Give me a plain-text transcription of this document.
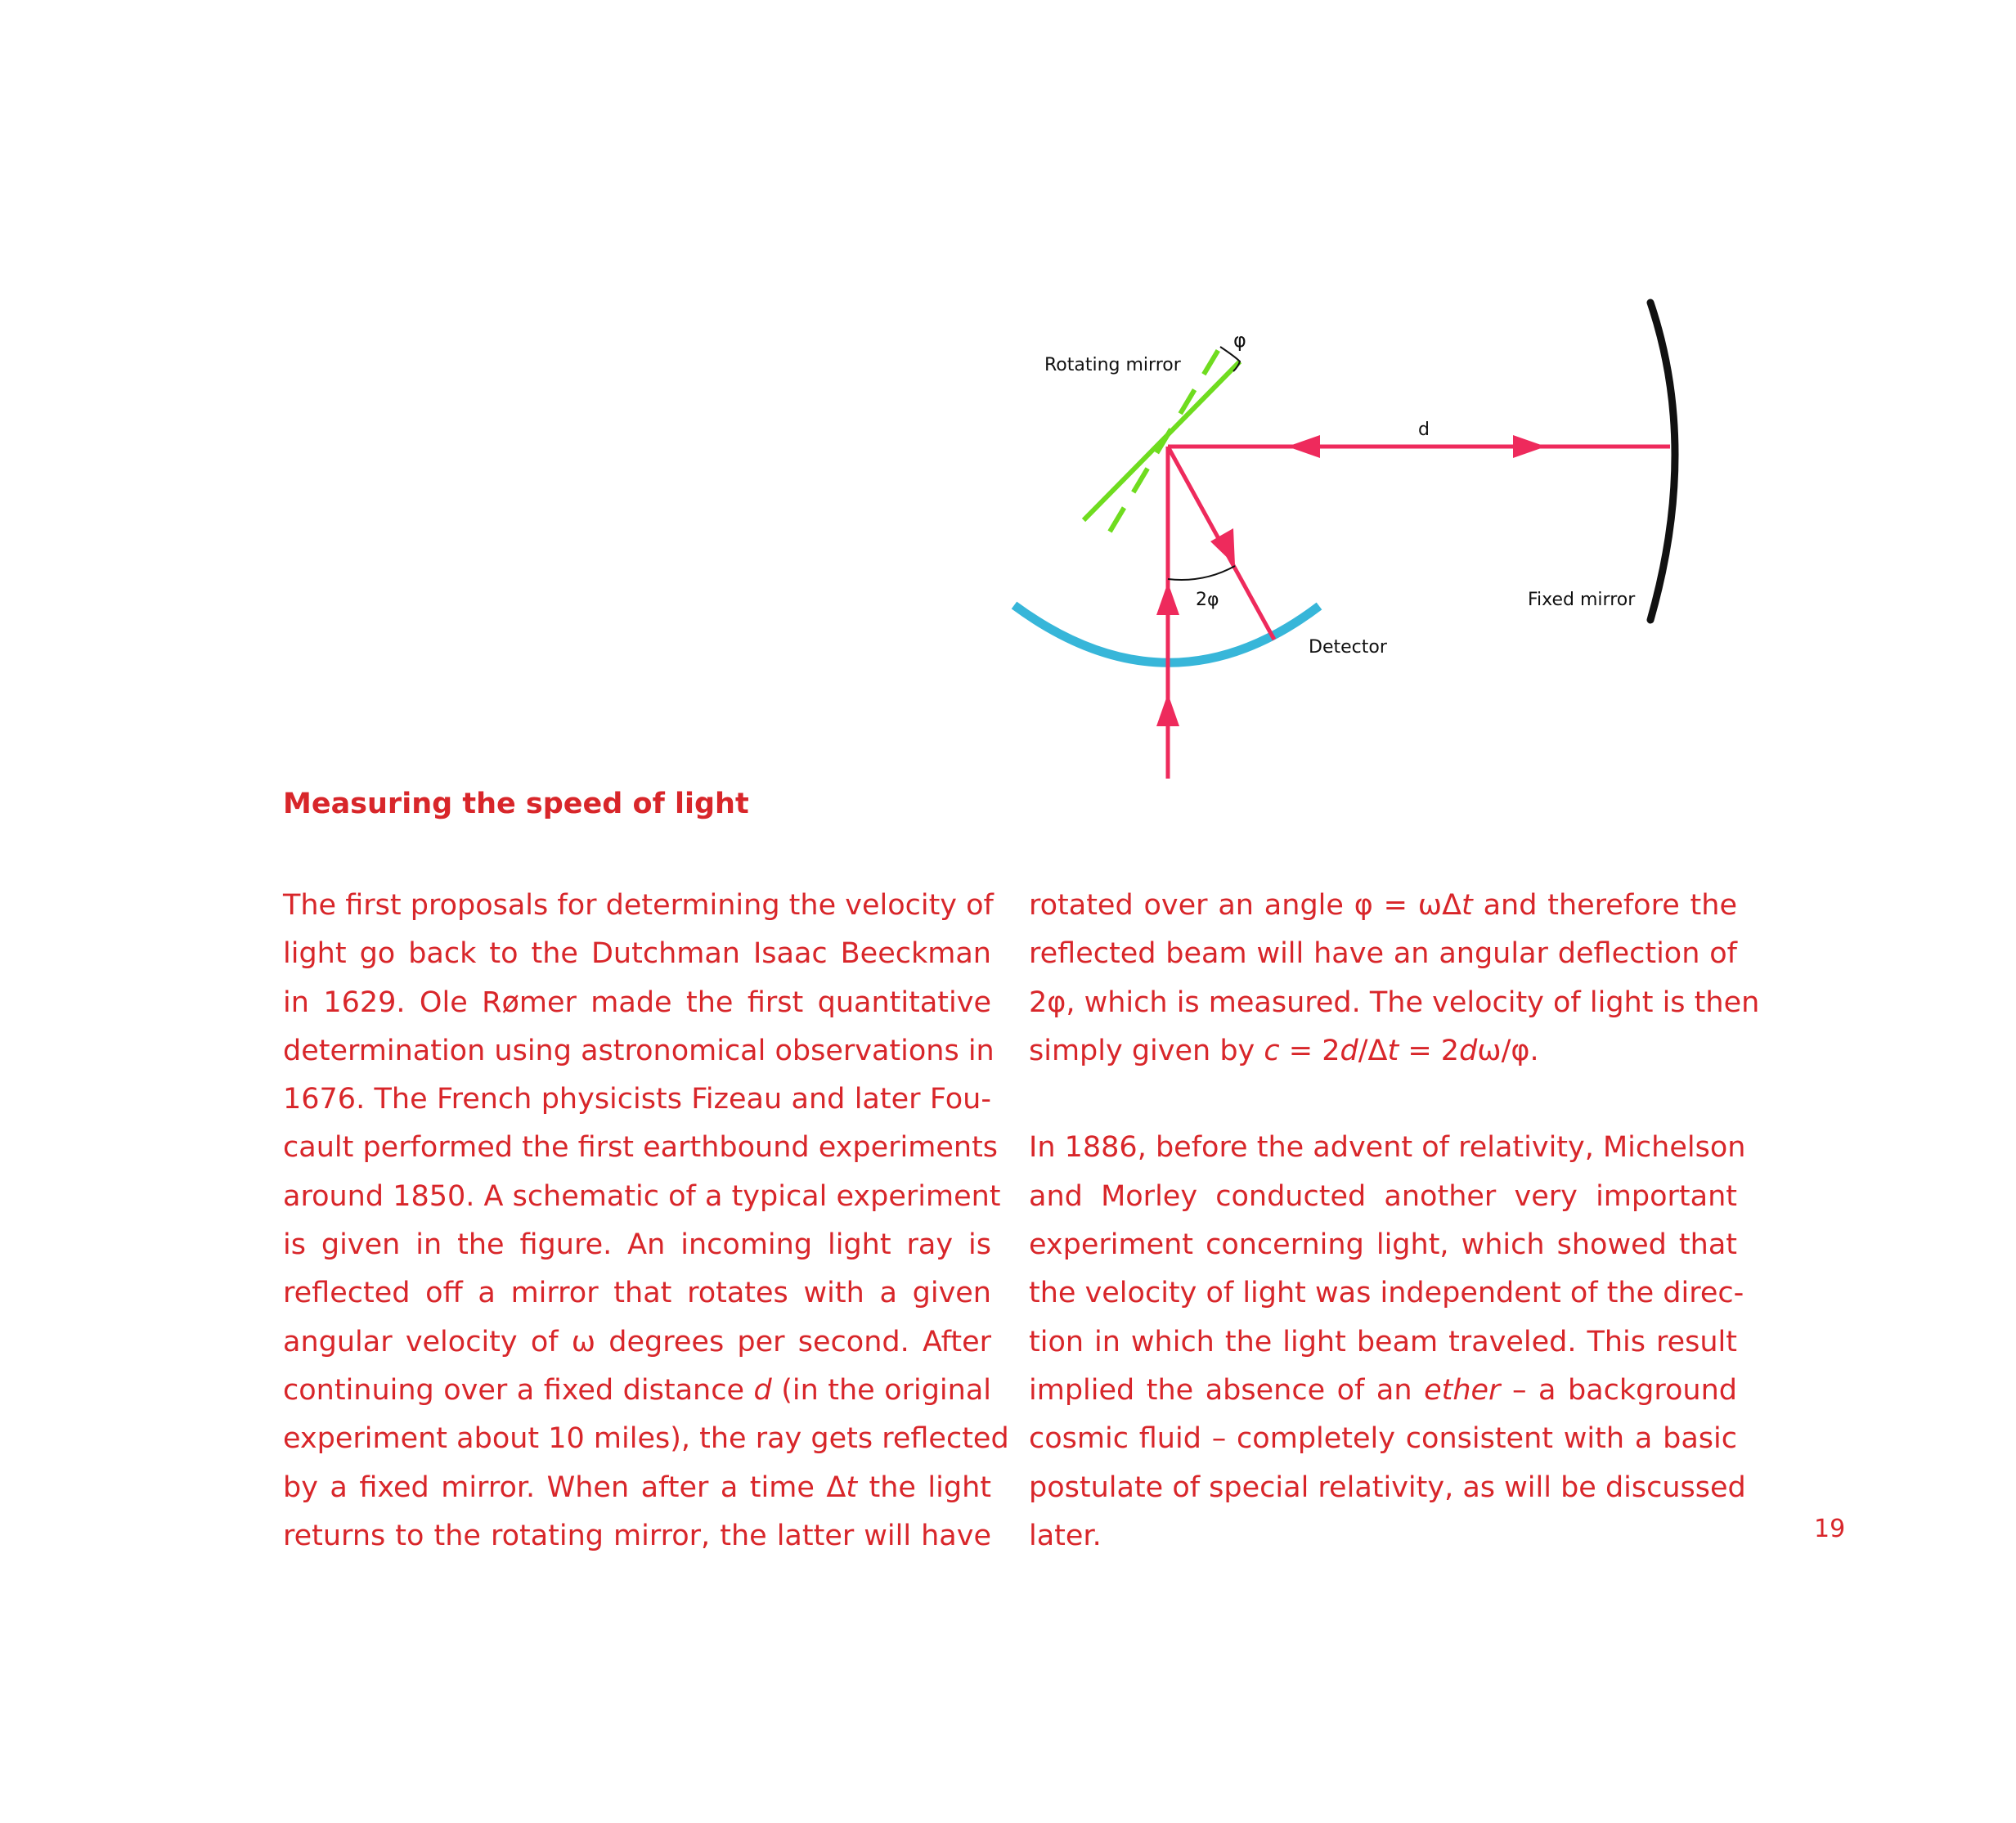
Rotating mirror
φ
d
2φ
Detector
Fixed mirror
Measuring the speed of light
The first proposals for determining the velocity of
light go back to the Dutchman Isaac Beeckman
in 1629. Ole Rømer made the first quantitative
determination using astronomical observations in
1676. The French physicists Fizeau and later Fou-
cault performed the first earthbound experiments
around 1850. A schematic of a typical experiment
is given in the figure. An incoming light ray is
reflected off a mirror that rotates with a given
angular velocity of ω degrees per second. After
continuing over a fixed distance d (in the original
experiment about 10 miles), the ray gets reflected
by a fixed mirror. When after a time Δt the light
returns to the rotating mirror, the latter will have
rotated over an angle φ = ωΔt and therefore the
reflected beam will have an angular deflection of
2φ, which is measured. The velocity of light is then
simply given by c = 2d/Δt = 2dω/φ.
In 1886, before the advent of relativity, Michelson
and Morley conducted another very important
experiment concerning light, which showed that
the velocity of light was independent of the direc-
tion in which the light beam traveled. This result
implied the absence of an ether – a background
cosmic fluid – completely consistent with a basic
postulate of special relativity, as will be discussed
later.	19
